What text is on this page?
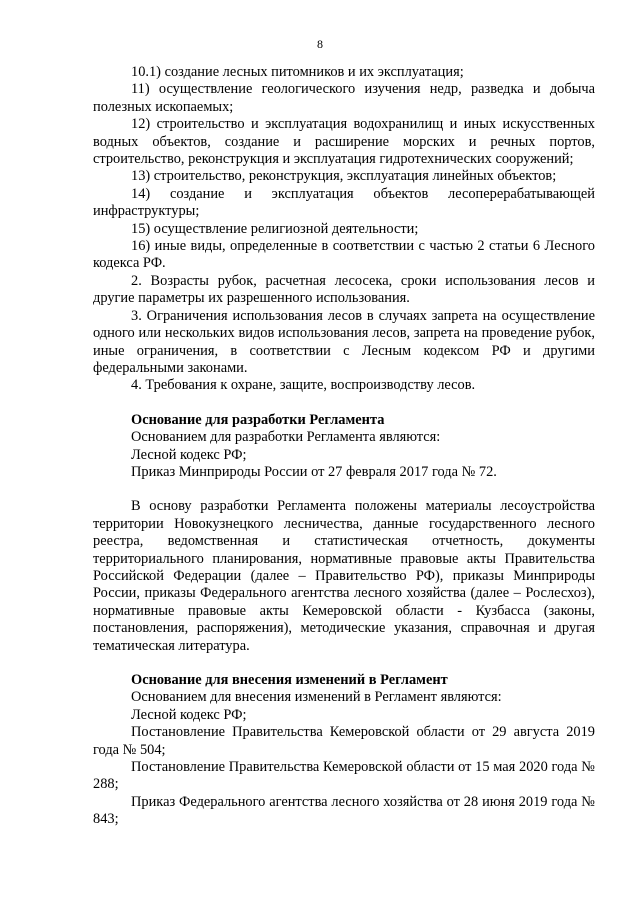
8

10.1) создание лесных питомников и их эксплуатация;

11) осуществление геологического изучения недр, разведка и добыча полезных ископаемых;

12) строительство и эксплуатация водохранилищ и иных искусственных водных объектов, создание и расширение морских и речных портов, строительство, реконструкция и эксплуатация гидротехнических сооружений;

13) строительство, реконструкция, эксплуатация линейных объектов;

14) создание и эксплуатация объектов лесоперерабатывающей инфраструктуры;

15) осуществление религиозной деятельности;

16) иные виды, определенные в соответствии с частью 2 статьи 6 Лесного кодекса РФ.

2. Возрасты рубок, расчетная лесосека, сроки использования лесов и другие параметры их разрешенного использования.

3. Ограничения использования лесов в случаях запрета на осуществление одного или нескольких видов использования лесов, запрета на проведение рубок, иные ограничения, в соответствии с Лесным кодексом РФ и другими федеральными законами.

4. Требования к охране, защите, воспроизводству лесов.

Основание для разработки Регламента

Основанием для разработки Регламента являются:

Лесной кодекс РФ;

Приказ Минприроды России от 27 февраля 2017 года № 72.

В основу разработки Регламента положены материалы лесоустройства территории Новокузнецкого лесничества, данные государственного лесного реестра, ведомственная и статистическая отчетность, документы территориального планирования, нормативные правовые акты Правительства Российской Федерации (далее – Правительство РФ), приказы Минприроды России, приказы Федерального агентства лесного хозяйства (далее – Рослесхоз), нормативные правовые акты Кемеровской области - Кузбасса (законы, постановления, распоряжения), методические указания, справочная и другая тематическая литература.

Основание для внесения изменений в Регламент

Основанием для внесения изменений в Регламент являются:

Лесной кодекс РФ;

Постановление Правительства Кемеровской области от 29 августа 2019 года № 504;

Постановление Правительства Кемеровской области от 15 мая 2020 года № 288;

Приказ Федерального агентства лесного хозяйства от 28 июня 2019 года № 843;
